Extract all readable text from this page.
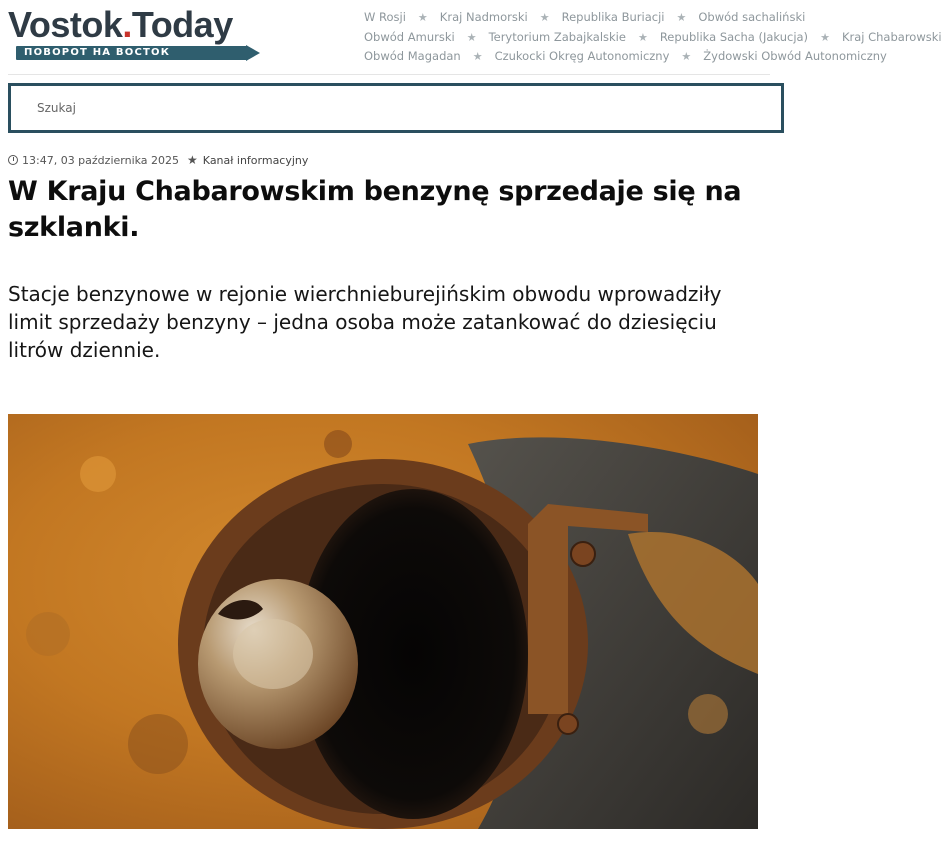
Vostok.Today
ПОВОРОТ НА ВОСТОК
W Rosji ★ Kraj Nadmorski ★ Republika Buriacji ★ Obwód sachaliński
Obwód Amurski ★ Terytorium Zabajkalskie ★ Republika Sacha (Jakucja) ★ Kraj Chabarowski
Obwód Magadan ★ Czukocki Okręg Autonomiczny ★ Żydowski Obwód Autonomiczny
Szukaj
13:47, 03 października 2025 ★ Kanał informacyjny
W Kraju Chabarowskim benzynę sprzedaje się na szklanki.

Stacje benzynowe w rejonie wierchnieburejińskim obwodu wprowadziły limit sprzedaży benzyny – jedna osoba może zatankować do dziesięciu litrów dziennie.
